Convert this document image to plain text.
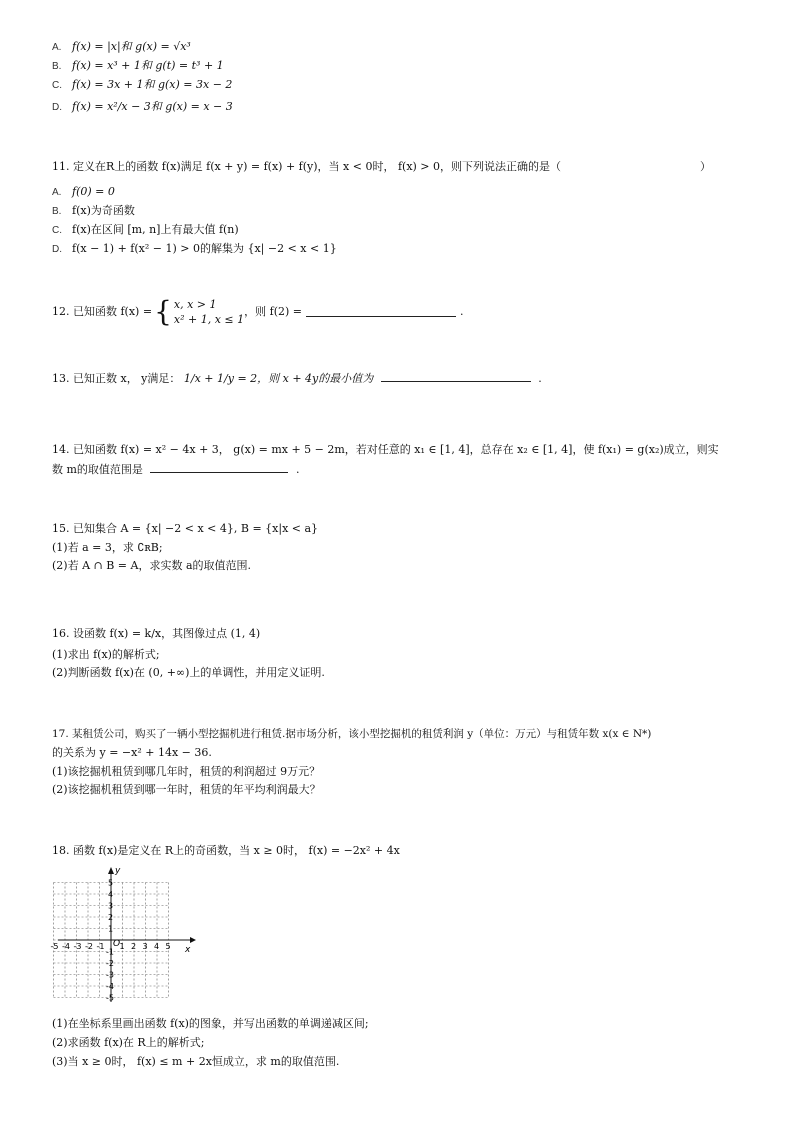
A. f(x) = |x|和 g(x) = √x³
B. f(x) = x³ + 1和 g(t) = t³ + 1
C. f(x) = 3x + 1和 g(x) = 3x − 2
D. f(x) = x²/x − 3和 g(x) = x − 3
11. 定义在R上的函数 f(x)满足 f(x + y) = f(x) + f(y)，当 x < 0时， f(x) > 0，则下列说法正确的是（	）
A. f(0) = 0
B. f(x)为奇函数
C. f(x)在区间 [m, n]上有最大值 f(n)
D. f(x − 1) + f(x² − 1) > 0的解集为 {x| −2 < x < 1}
12. 已知函数 f(x) = { x, x > 1
x² + 1, x ≤ 1
，则 f(2) =	.
13. 已知正数 x， y满足： 1/x + 1/y = 2，则 x + 4y的最小值为	.
14. 已知函数 f(x) = x² − 4x + 3， g(x) = mx + 5 − 2m，若对任意的 x₁ ∈ [1, 4]，总存在 x₂ ∈ [1, 4]，使 f(x₁) = g(x₂)成立，则实
数 m的取值范围是	.
15. 已知集合 A = {x| −2 < x < 4}, B = {x|x < a}
(1)若 a = 3，求 ∁ʀB;
(2)若 A ∩ B = A，求实数 a的取值范围.
16. 设函数 f(x) = k/x，其图像过点 (1, 4)
(1)求出 f(x)的解析式;
(2)判断函数 f(x)在 (0, +∞)上的单调性，并用定义证明.
17. 某租赁公司，购买了一辆小型挖掘机进行租赁.据市场分析，该小型挖掘机的租赁利润 y（单位：万元）与租赁年数 x(x ∈ N*)
的关系为 y = −x² + 14x − 36.
(1)该挖掘机租赁到哪几年时，租赁的利润超过 9万元？
(2)该挖掘机租赁到哪一年时，租赁的年平均利润最大？
18. 函数 f(x)是定义在 R上的奇函数，当 x ≥ 0时， f(x) = −2x² + 4x
y
x
O
-5 -4 -3 -2 -1 1 2 3 4 5
5
4
3
2
1
-1
-2
-3
-4
-5
(1)在坐标系里画出函数 f(x)的图象，并写出函数的单调递减区间;
(2)求函数 f(x)在 R上的解析式;
(3)当 x ≥ 0时， f(x) ≤ m + 2x恒成立，求 m的取值范围.
